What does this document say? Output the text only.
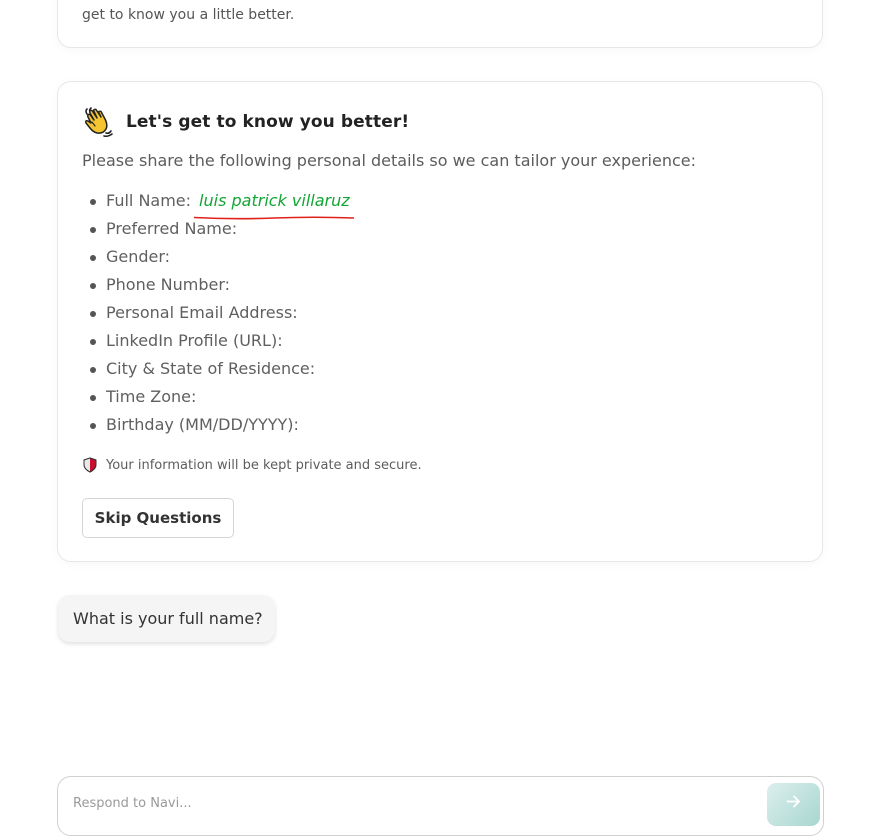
get to know you a little better.
Let's get to know you better!
Please share the following personal details so we can tailor your experience:
Full Name: luis patrick villaruz
Preferred Name:
Gender:
Phone Number:
Personal Email Address:
LinkedIn Profile (URL):
City & State of Residence:
Time Zone:
Birthday (MM/DD/YYYY):
Your information will be kept private and secure.
Skip Questions
What is your full name?
Respond to Navi...
